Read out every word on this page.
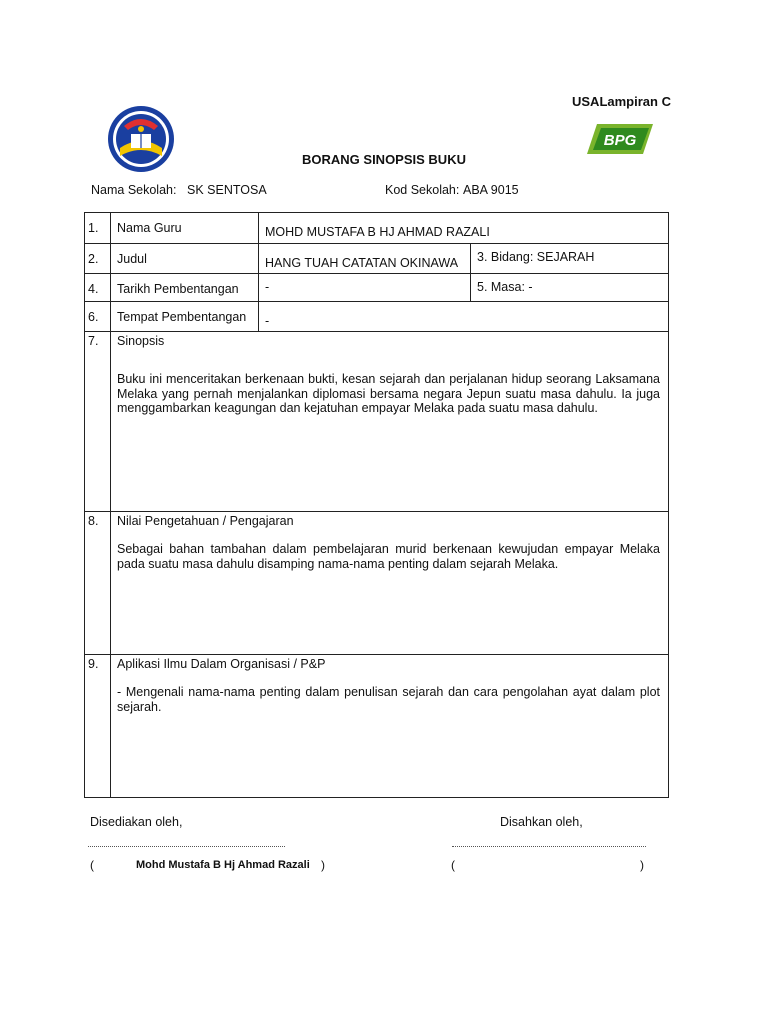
USALampiran C
BPG
BORANG SINOPSIS BUKU
Nama Sekolah: SK SENTOSA	Kod Sekolah: ABA 9015
1.	Nama Guru	MOHD MUSTAFA B HJ AHMAD RAZALI	
2.	Judul	HANG TUAH CATATAN OKINAWA	3. Bidang: SEJARAH
4.	Tarikh Pembentangan	-	5. Masa: -
6.	Tempat Pembentangan	-	
7.	Sinopsis
Buku ini menceritakan berkenaan bukti, kesan sejarah dan perjalanan hidup seorang Laksamana Melaka yang pernah menjalankan diplomasi bersama negara Jepun suatu masa dahulu. Ia juga menggambarkan keagungan dan kejatuhan empayar Melaka pada suatu masa dahulu.		

8.	Nilai Pengetahuan / Pengajaran
Sebagai bahan tambahan dalam pembelajaran murid berkenaan kewujudan empayar Melaka pada suatu masa dahulu disamping nama-nama penting dalam sejarah Melaka.		

9.	Aplikasi Ilmu Dalam Organisasi / P&P
- Mengenali nama-nama penting dalam penulisan sejarah dan cara pengolahan ayat dalam plot sejarah.		
Disediakan oleh,	Disahkan oleh,
(	Mohd Mustafa B Hj Ahmad Razali )	(	)
